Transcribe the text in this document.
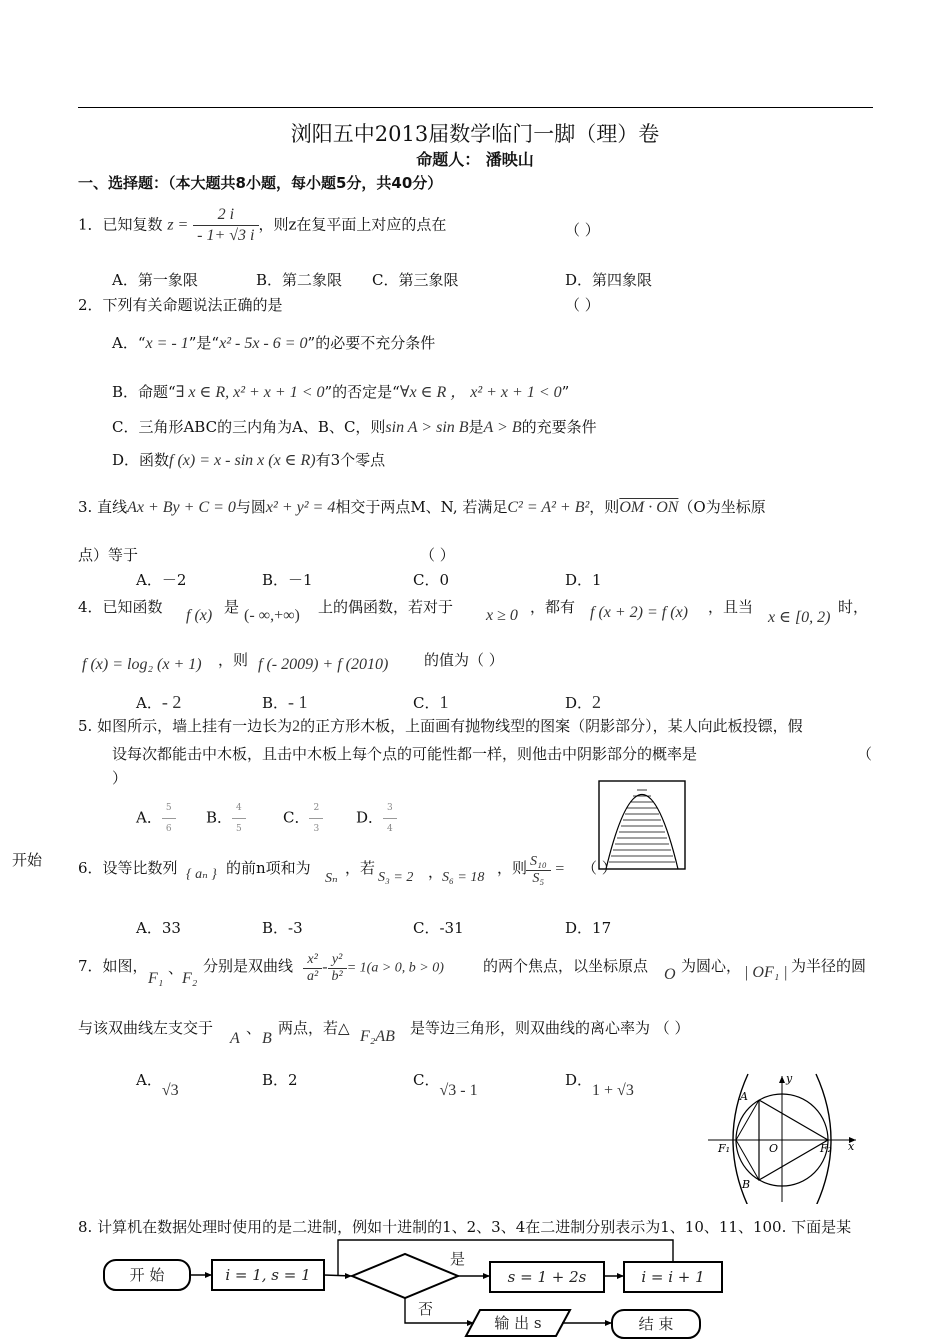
浏阳五中2013届数学临门一脚（理）卷
命题人： 潘映山
一、选择题：（本大题共8小题，每小题5分，共40分）
1．已知复数 $z = \frac{2 i}{- 1+ √3 i}$ ，则z在复平面上对应的点在	（ ）
A．第一象限	B．第二象限 C．第三象限	D．第四象限
2．下列有关命题说法正确的是	（ ）
A．“x = - 1”是“x² - 5x - 6 = 0”的必要不充分条件
B．命题“∃ x ∈ R, x² + x + 1 < 0”的否定是“∀x ∈ R ， x² + x + 1 < 0”
C．三角形ABC的三内角为A、B、C，则sin A > sin B是A > B的充要条件
D．函数f (x) = x - sin x (x ∈ R)有3个零点
3. 直线Ax + By + C = 0与圆x² + y² = 4相交于两点M、N, 若满足C² = A² + B²，则OM · ON（O为坐标原
点）等于	（ ）
A．－2	B．－1	C．0	D．1
4．已知函数 f (x) 是 (- ∞,+∞) 上的偶函数，若对于 x ≥ 0 ，都有 f (x + 2) = f (x) ，且当
x ∈ [0, 2)
时，
f (x) = log₂ (x + 1) ，则 f (- 2009) + f (2010) 的值为（ ）
A．- 2	B．- 1	C．1	D．2
5. 如图所示，墙上挂有一边长为2的正方形木板，上面画有抛物线型的图案（阴影部分），某人向此板投镖，假
设每次都能击中木板，且击中木板上每个点的可能性都一样，则他击中阴影部分的概率是	（
）
A． $\frac{5}{6}$ B． $\frac{4}{5}$ C． $\frac{2}{3}$ D． $\frac{3}{4}$
开始 6．设等比数列 { aₙ } 的前n项和为
Sₙ
，若
S₃ = 2 ，
S₆ = 18
，则
$\frac{\text{S₁₀}}{\text{S₅}}$ = （ ）
A．33	B．-3	C．-31	D．17
7．如图，
F₁
、
F₂
分别是双曲线 $\frac{\text{x²}}{\text{a²}} - \frac{\text{y²}}{\text{b²}} = 1(a > 0$, b > 0)	的两个焦点，以坐标原点 O 为圆心， | OF₁ | 为半径的圆
与该双曲线左支交于
A
、
B
两点，若△ F₂AB 是等边三角形，则双曲线的离心率为 （ ）
A．√3
B．2	C．√3 - 1
D．1 + √3	A
B
O
F₁	F₂ x
y
8. 计算机在数据处理时使用的是二进制，例如十进制的1、2、3、4在二进制分别表示为1、10、11、100. 下面是某
开 始	i = 1, s = 1
是
s = 1 + 2s	i = i + 1
否
输 出 s	结 束
